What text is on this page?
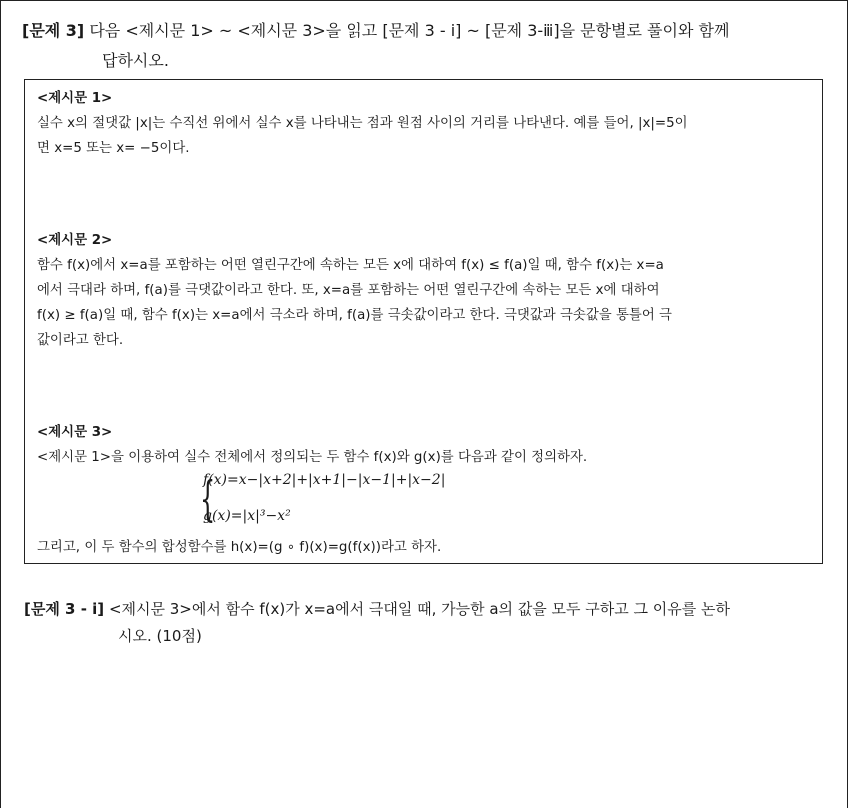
[문제 3] 다음 <제시문 1> ~ <제시문 3>을 읽고 [문제 3 - ⅰ] ~ [문제 3-ⅲ]을 문항별로 풀이와 함께
답하시오.
<제시문 1>

실수 x의 절댓값 |x|는 수직선 위에서 실수 x를 나타내는 점과 원점 사이의 거리를 나타낸다. 예를 들어, |x|=5이

면 x=5 또는 x= −5이다.

<제시문 2>

함수 f(x)에서 x=a를 포함하는 어떤 열린구간에 속하는 모든 x에 대하여 f(x) ≤ f(a)일 때, 함수 f(x)는 x=a

에서 극대라 하며, f(a)를 극댓값이라고 한다. 또, x=a를 포함하는 어떤 열린구간에 속하는 모든 x에 대하여

f(x) ≥ f(a)일 때, 함수 f(x)는 x=a에서 극소라 하며, f(a)를 극솟값이라고 한다. 극댓값과 극솟값을 통틀어 극

값이라고 한다.

<제시문 3>

<제시문 1>을 이용하여 실수 전체에서 정의되는 두 함수 f(x)와 g(x)를 다음과 같이 정의하자.

{
f(x)=x−|x+2|+|x+1|−|x−1|+|x−2|
g(x)=|x|³−x²

그리고, 이 두 함수의 합성함수를 h(x)=(g ∘ f)(x)=g(f(x))라고 하자.

[문제 3 - ⅰ] <제시문 3>에서 함수 f(x)가 x=a에서 극대일 때, 가능한 a의 값을 모두 구하고 그 이유를 논하
시오. (10점)
